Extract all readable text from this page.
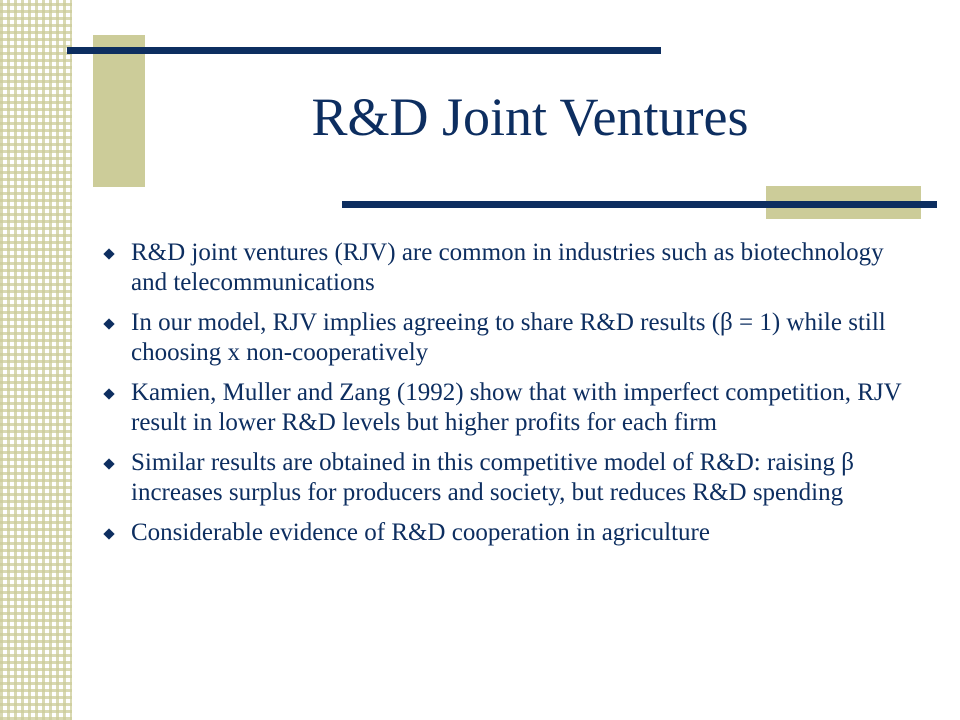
R&D Joint Ventures
R&D joint ventures (RJV) are common in industries such as biotechnology and telecommunications
In our model, RJV implies agreeing to share R&D results (β = 1) while still choosing x non-cooperatively
Kamien, Muller and Zang (1992) show that with imperfect competition, RJV result in lower R&D levels but higher profits for each firm
Similar results are obtained in this competitive model of R&D: raising β increases surplus for producers and society, but reduces R&D spending
Considerable evidence of R&D cooperation in agriculture
